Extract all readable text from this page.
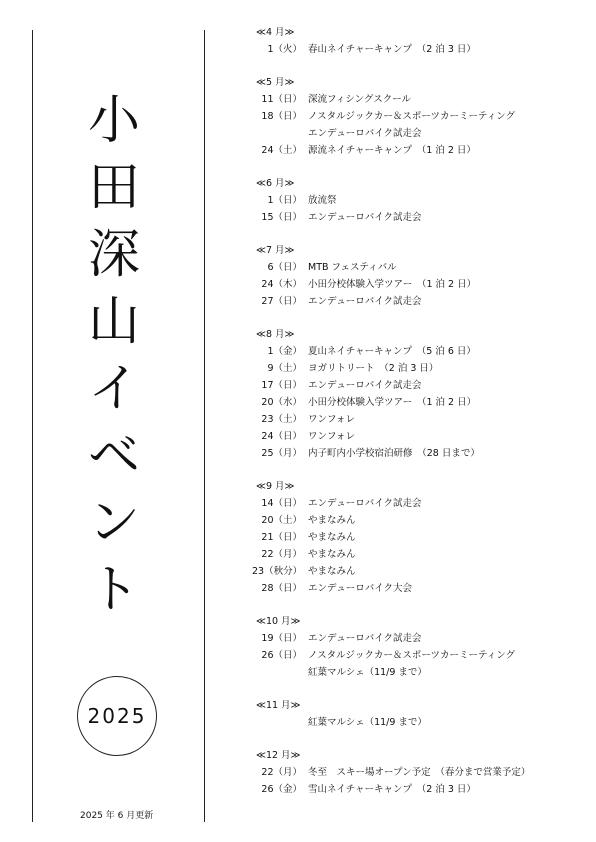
小
田
深
山
イ
ベ
ン
ト
2025
2025 年 6 月更新
≪4 月≫
1（火） 春山ネイチャーキャンプ　（2 泊 3 日）
≪5 月≫
11（日） 深流フィシングスクール
18（日） ノスタルジックカー＆スポーツカーミーティング
エンデューロバイク試走会
24（土） 源流ネイチャーキャンプ　（1 泊 2 日）
≪6 月≫
1（日） 放流祭
15（日） エンデューロバイク試走会
≪7 月≫
6（日） MTB フェスティバル
24（木） 小田分校体験入学ツアー　（1 泊 2 日）
27（日） エンデューロバイク試走会
≪8 月≫
1（金） 夏山ネイチャーキャンプ　（5 泊 6 日）
9（土） ヨガリトリート　（2 泊 3 日）
17（日） エンデューロバイク試走会
20（水） 小田分校体験入学ツアー　（1 泊 2 日）
23（土） ワンフォレ
24（日） ワンフォレ
25（月） 内子町内小学校宿泊研修　（28 日まで）
≪9 月≫
14（日） エンデューロバイク試走会
20（土） やまなみん
21（日） やまなみん
22（月） やまなみん
23（秋分） やまなみん
28（日） エンデューロバイク大会
≪10 月≫
19（日） エンデューロバイク試走会
26（日） ノスタルジックカー＆スポーツカーミーティング
紅葉マルシェ（11/9 まで）
≪11 月≫
紅葉マルシェ（11/9 まで）
≪12 月≫
22（月） 冬至　スキー場オープン予定　（春分まで営業予定）
26（金） 雪山ネイチャーキャンプ　（2 泊 3 日）
